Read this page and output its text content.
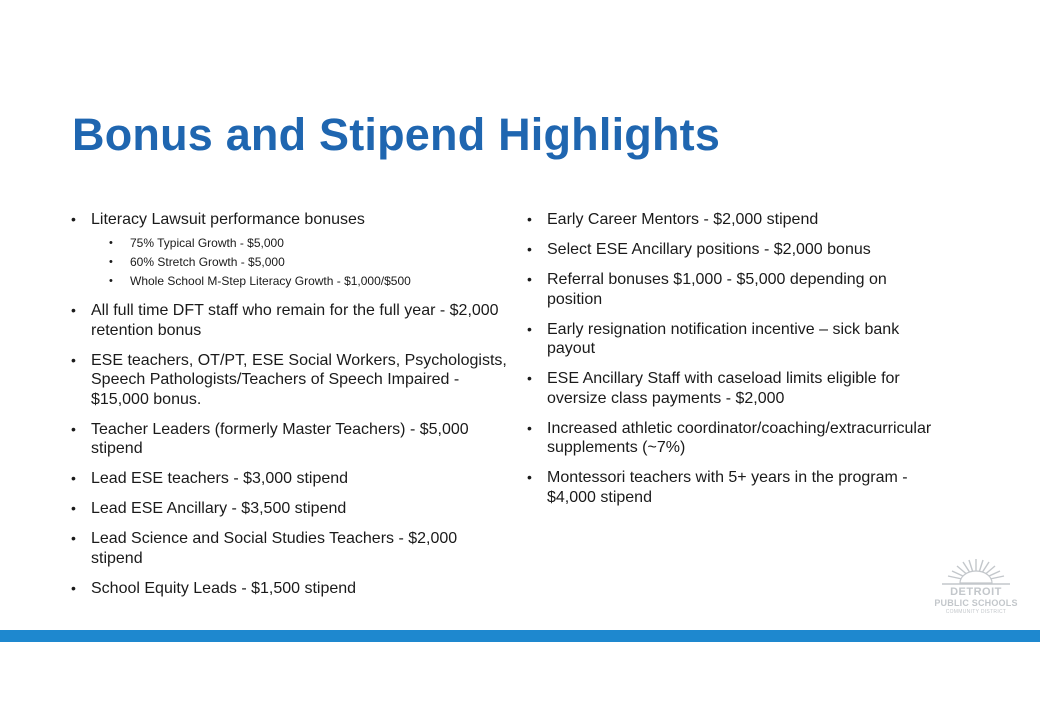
Bonus and Stipend Highlights
• Literacy Lawsuit performance bonuses
• 75% Typical Growth - $5,000
• 60% Stretch Growth - $5,000
• Whole School M-Step Literacy Growth - $1,000/$500
• All full time DFT staff who remain for the full year - $2,000 retention bonus
• ESE teachers, OT/PT, ESE Social Workers, Psychologists, Speech Pathologists/Teachers of Speech Impaired - $15,000 bonus.
• Teacher Leaders (formerly Master Teachers) - $5,000 stipend
• Lead ESE teachers - $3,000 stipend
• Lead ESE Ancillary - $3,500 stipend
• Lead Science and Social Studies Teachers - $2,000 stipend
• School Equity Leads - $1,500 stipend
• Early Career Mentors - $2,000 stipend
• Select ESE Ancillary positions - $2,000 bonus
• Referral bonuses $1,000 - $5,000 depending on position
• Early resignation notification incentive – sick bank payout
• ESE Ancillary Staff with caseload limits eligible for oversize class payments - $2,000
• Increased athletic coordinator/coaching/extracurricular supplements (~7%)
• Montessori teachers with 5+ years in the program - $4,000 stipend
DETROIT
PUBLIC SCHOOLS
COMMUNITY DISTRICT
